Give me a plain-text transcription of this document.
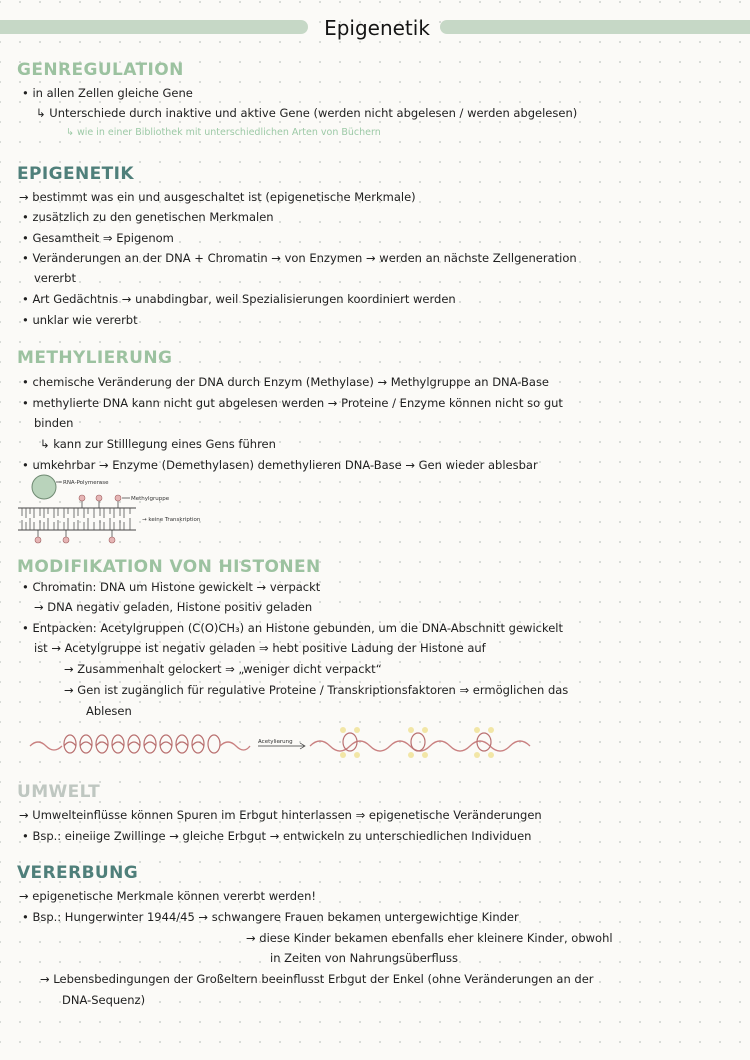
Epigenetik
GENREGULATION
• in allen Zellen gleiche Gene
↳ Unterschiede durch inaktive und aktive Gene (werden nicht abgelesen / werden abgelesen)
↳ wie in einer Bibliothek mit unterschiedlichen Arten von Büchern
EPIGENETIK
→ bestimmt was ein und ausgeschaltet ist (epigenetische Merkmale)
• zusätzlich zu den genetischen Merkmalen
• Gesamtheit ⇒ Epigenom
• Veränderungen an der DNA + Chromatin → von Enzymen → werden an nächste Zellgeneration
vererbt
• Art Gedächtnis → unabdingbar, weil Spezialisierungen koordiniert werden
• unklar wie vererbt
METHYLIERUNG
• chemische Veränderung der DNA durch Enzym (Methylase) → Methylgruppe an DNA-Base
• methylierte DNA kann nicht gut abgelesen werden → Proteine / Enzyme können nicht so gut
binden
↳ kann zur Stilllegung eines Gens führen
• umkehrbar → Enzyme (Demethylasen) demethylieren DNA-Base → Gen wieder ablesbar
RNA-Polymerase
Methylgruppe
→ keine Transkription
MODIFIKATION VON HISTONEN
• Chromatin: DNA um Histone gewickelt → verpackt
→ DNA negativ geladen, Histone positiv geladen
• Entpacken: Acetylgruppen (C(O)CH₃) an Histone gebunden, um die DNA-Abschnitt gewickelt
ist → Acetylgruppe ist negativ geladen ⇒ hebt positive Ladung der Histone auf
→ Zusammenhalt gelockert ⇒ „weniger dicht verpackt“
→ Gen ist zugänglich für regulative Proteine / Transkriptionsfaktoren ⇒ ermöglichen das
Ablesen
Acetylierung
UMWELT
→ Umwelteinflüsse können Spuren im Erbgut hinterlassen ⇒ epigenetische Veränderungen
• Bsp.: eineiige Zwillinge → gleiche Erbgut → entwickeln zu unterschiedlichen Individuen
VERERBUNG
→ epigenetische Merkmale können vererbt werden!
• Bsp.: Hungerwinter 1944/45 → schwangere Frauen bekamen untergewichtige Kinder
→ diese Kinder bekamen ebenfalls eher kleinere Kinder, obwohl
in Zeiten von Nahrungsüberfluss
→ Lebensbedingungen der Großeltern beeinflusst Erbgut der Enkel (ohne Veränderungen an der
DNA-Sequenz)
